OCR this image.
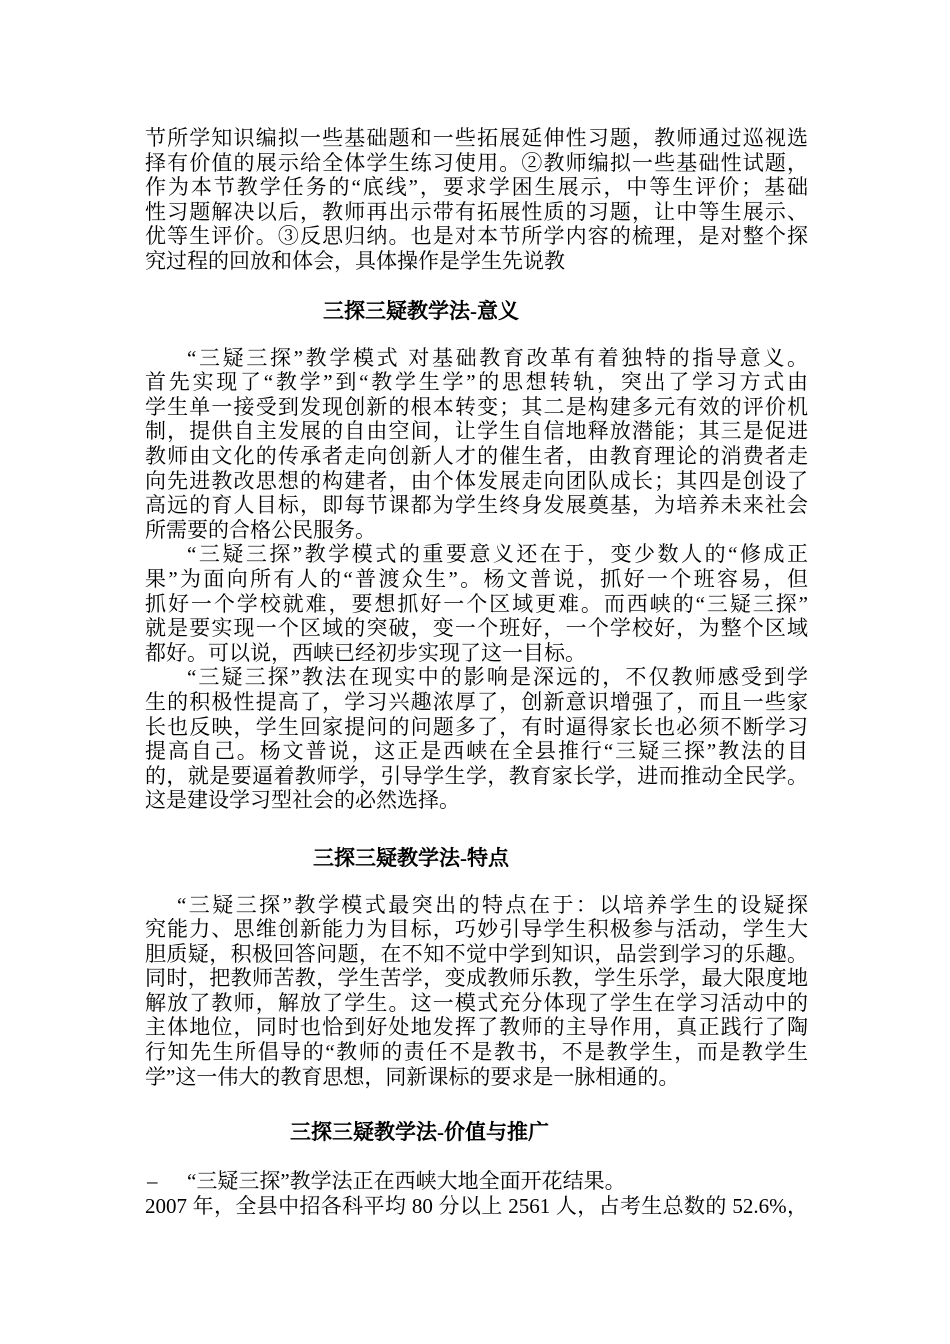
节所学知识编拟一些基础题和一些拓展延伸性习题，教师通过巡视选
择有价值的展示给全体学生练习使用。②教师编拟一些基础性试题，
作为本节教学任务的“底线”，要求学困生展示，中等生评价；基础
性习题解决以后，教师再出示带有拓展性质的习题，让中等生展示、
优等生评价。③反思归纳。也是对本节所学内容的梳理，是对整个探
究过程的回放和体会，具体操作是学生先说教
三探三疑教学法-意义
“三疑三探”教学模式 对基础教育改革有着独特的指导意义。
首先实现了“教学”到“教学生学”的思想转轨，突出了学习方式由
学生单一接受到发现创新的根本转变；其二是构建多元有效的评价机
制，提供自主发展的自由空间，让学生自信地释放潜能；其三是促进
教师由文化的传承者走向创新人才的催生者，由教育理论的消费者走
向先进教改思想的构建者，由个体发展走向团队成长；其四是创设了
高远的育人目标，即每节课都为学生终身发展奠基，为培养未来社会
所需要的合格公民服务。
“三疑三探”教学模式的重要意义还在于，变少数人的“修成正
果”为面向所有人的“普渡众生”。杨文普说，抓好一个班容易，但
抓好一个学校就难，要想抓好一个区域更难。而西峡的“三疑三探”
就是要实现一个区域的突破，变一个班好，一个学校好，为整个区域
都好。可以说，西峡已经初步实现了这一目标。
“三疑三探”教法在现实中的影响是深远的，不仅教师感受到学
生的积极性提高了，学习兴趣浓厚了，创新意识增强了，而且一些家
长也反映，学生回家提问的问题多了，有时逼得家长也必须不断学习
提高自己。杨文普说，这正是西峡在全县推行“三疑三探”教法的目
的，就是要逼着教师学，引导学生学，教育家长学，进而推动全民学。
这是建设学习型社会的必然选择。
三探三疑教学法-特点
“三疑三探”教学模式最突出的特点在于：以培养学生的设疑探
究能力、思维创新能力为目标，巧妙引导学生积极参与活动，学生大
胆质疑，积极回答问题，在不知不觉中学到知识，品尝到学习的乐趣。
同时，把教师苦教，学生苦学，变成教师乐教，学生乐学，最大限度地
解放了教师，解放了学生。这一模式充分体现了学生在学习活动中的
主体地位，同时也恰到好处地发挥了教师的主导作用，真正践行了陶
行知先生所倡导的“教师的责任不是教书，不是教学生，而是教学生
学”这一伟大的教育思想，同新课标的要求是一脉相通的。
三探三疑教学法-价值与推广
– “三疑三探”教学法正在西峡大地全面开花结果。
2007 年，全县中招各科平均 80 分以上 2561 人，占考生总数的 52.6%，
